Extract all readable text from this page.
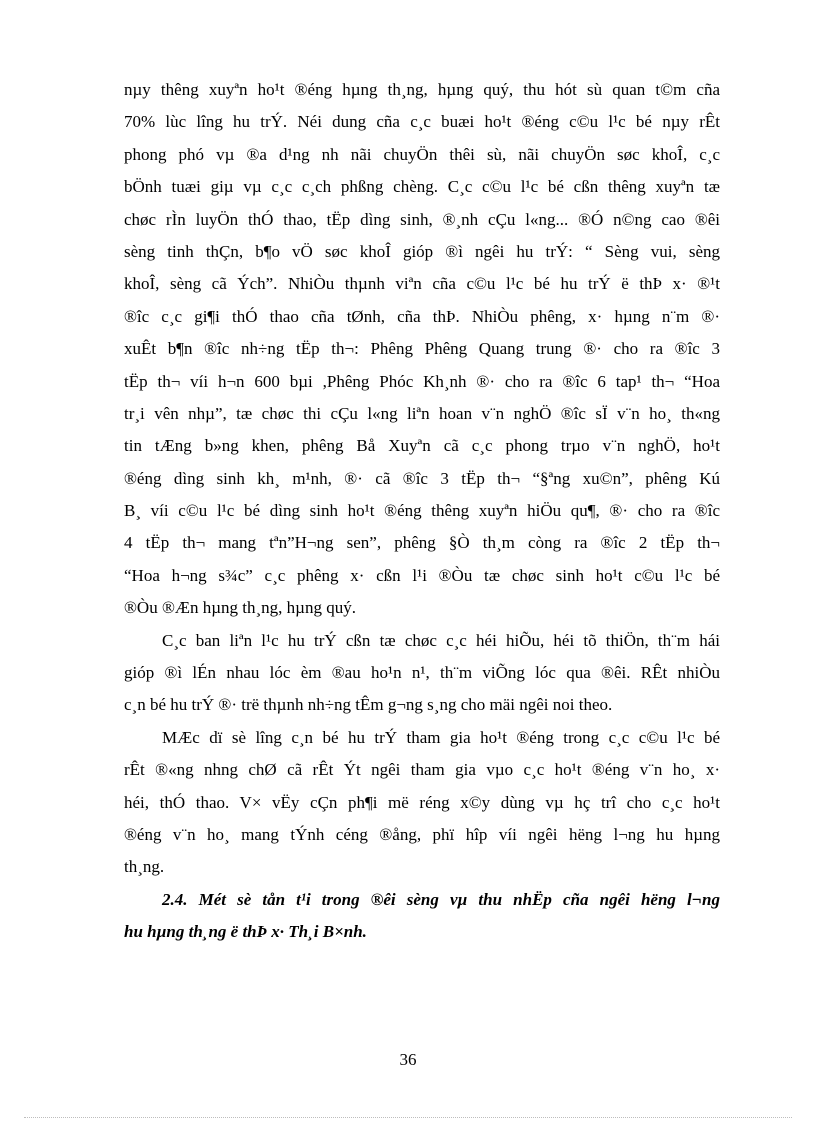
nµy thêng xuyªn ho¹t ®éng hµng th¸ng, hµng quý, thu hót sù quan t©m cña
70% lùc lîng hu trÝ. Néi dung cña c¸c buæi ho¹t ®éng c©u l¹c bé nµy rÊt
phong phó vµ ®a d¹ng nh nãi chuyÖn thêi sù, nãi chuyÖn søc khoÎ, c¸c
bÖnh tuæi giµ vµ c¸c c¸ch phßng chèng. C¸c c©u l¹c bé cßn thêng xuyªn tæ
chøc rÌn luyÖn thÓ thao, tËp dìng sinh, ®¸nh cÇu l«ng... ®Ó n©ng cao ®êi
sèng tinh thÇn, b¶o vÖ søc khoÎ gióp ®ì ngêi hu trÝ: “ Sèng vui, sèng
khoÎ, sèng cã Ých”. NhiÒu thµnh viªn cña c©u l¹c bé hu trÝ ë thÞ x· ®¹t
®îc c¸c gi¶i thÓ thao cña tØnh, cña thÞ. NhiÒu phêng, x· hµng n¨m ®·
xuÊt b¶n ®îc nh÷ng tËp th¬: Phêng Phêng Quang trung ®· cho ra ®îc 3
tËp th¬ víi h¬n 600 bµi ,Phêng Phóc Kh¸nh ®· cho ra ®îc 6 tap¹ th¬ “Hoa
tr¸i vên nhµ”, tæ chøc thi cÇu l«ng liªn hoan v¨n nghÖ ®îc sÏ v¨n ho¸ th«ng
tin tÆng b»ng khen, phêng Bå Xuyªn cã c¸c phong trµo v¨n nghÖ, ho¹t
®éng dìng sinh kh¸ m¹nh, ®· cã ®îc 3 tËp th¬ “§ªng xu©n”, phêng Kú
B¸ víi c©u l¹c bé dìng sinh ho¹t ®éng thêng xuyªn hiÖu qu¶, ®· cho ra ®îc
4 tËp th¬ mang tªn”H¬ng sen”, phêng §Ò th¸m còng ra ®îc 2 tËp th¬
“Hoa h¬ng s¾c” c¸c phêng x· cßn l¹i ®Òu tæ chøc sinh ho¹t c©u l¹c bé
®Òu ®Æn hµng th¸ng, hµng quý.
C¸c ban liªn l¹c hu trÝ cßn tæ chøc c¸c héi hiÕu, héi tõ thiÖn, th¨m hái
gióp ®ì lÉn nhau lóc èm ®au ho¹n n¹, th¨m viÕng lóc qua ®êi. RÊt nhiÒu
c¸n bé hu trÝ ®· trë thµnh nh÷ng tÊm g¬ng s¸ng cho mäi ngêi noi theo.
MÆc dï sè lîng c¸n bé hu trÝ tham gia ho¹t ®éng trong c¸c c©u l¹c bé
rÊt ®«ng nhng chØ cã rÊt Ýt ngêi tham gia vµo c¸c ho¹t ®éng v¨n ho¸ x·
héi, thÓ thao. V× vËy cÇn ph¶i më réng x©y dùng vµ hç trî cho c¸c ho¹t
®éng v¨n ho¸ mang tÝnh céng ®ång, phï hîp víi ngêi hëng l¬ng hu hµng
th¸ng.
2.4. Mét sè tån t¹i trong ®êi sèng vµ thu nhËp cña ngêi hëng l¬ng
hu hµng th¸ng ë thÞ x· Th¸i B×nh.
36
